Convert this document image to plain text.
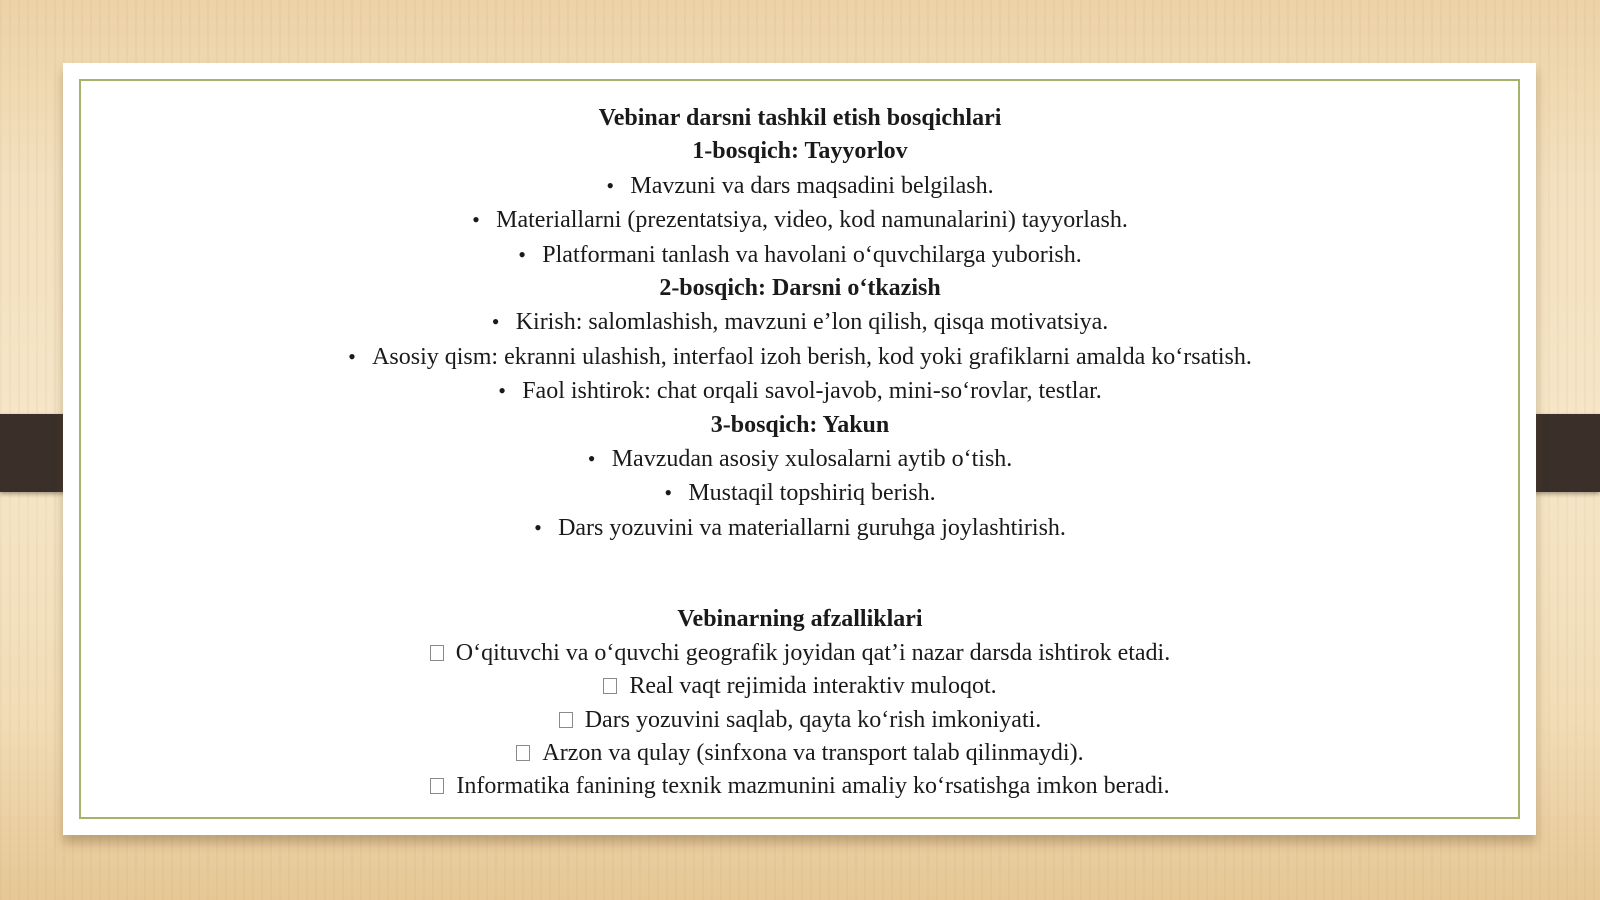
Vebinar darsni tashkil etish bosqichlari
1-bosqich: Tayyorlov
• Mavzuni va dars maqsadini belgilash.
• Materiallarni (prezentatsiya, video, kod namunalarini) tayyorlash.
• Platformani tanlash va havolani o‘quvchilarga yuborish.
2-bosqich: Darsni o‘tkazish
• Kirish: salomlashish, mavzuni e’lon qilish, qisqa motivatsiya.
• Asosiy qism: ekranni ulashish, interfaol izoh berish, kod yoki grafiklarni amalda ko‘rsatish.
• Faol ishtirok: chat orqali savol-javob, mini-so‘rovlar, testlar.
3-bosqich: Yakun
• Mavzudan asosiy xulosalarni aytib o‘tish.
• Mustaqil topshiriq berish.
• Dars yozuvini va materiallarni guruhga joylashtirish.
Vebinarning afzalliklari
O‘qituvchi va o‘quvchi geografik joyidan qat’i nazar darsda ishtirok etadi.
Real vaqt rejimida interaktiv muloqot.
Dars yozuvini saqlab, qayta ko‘rish imkoniyati.
Arzon va qulay (sinfxona va transport talab qilinmaydi).
Informatika fanining texnik mazmunini amaliy ko‘rsatishga imkon beradi.
